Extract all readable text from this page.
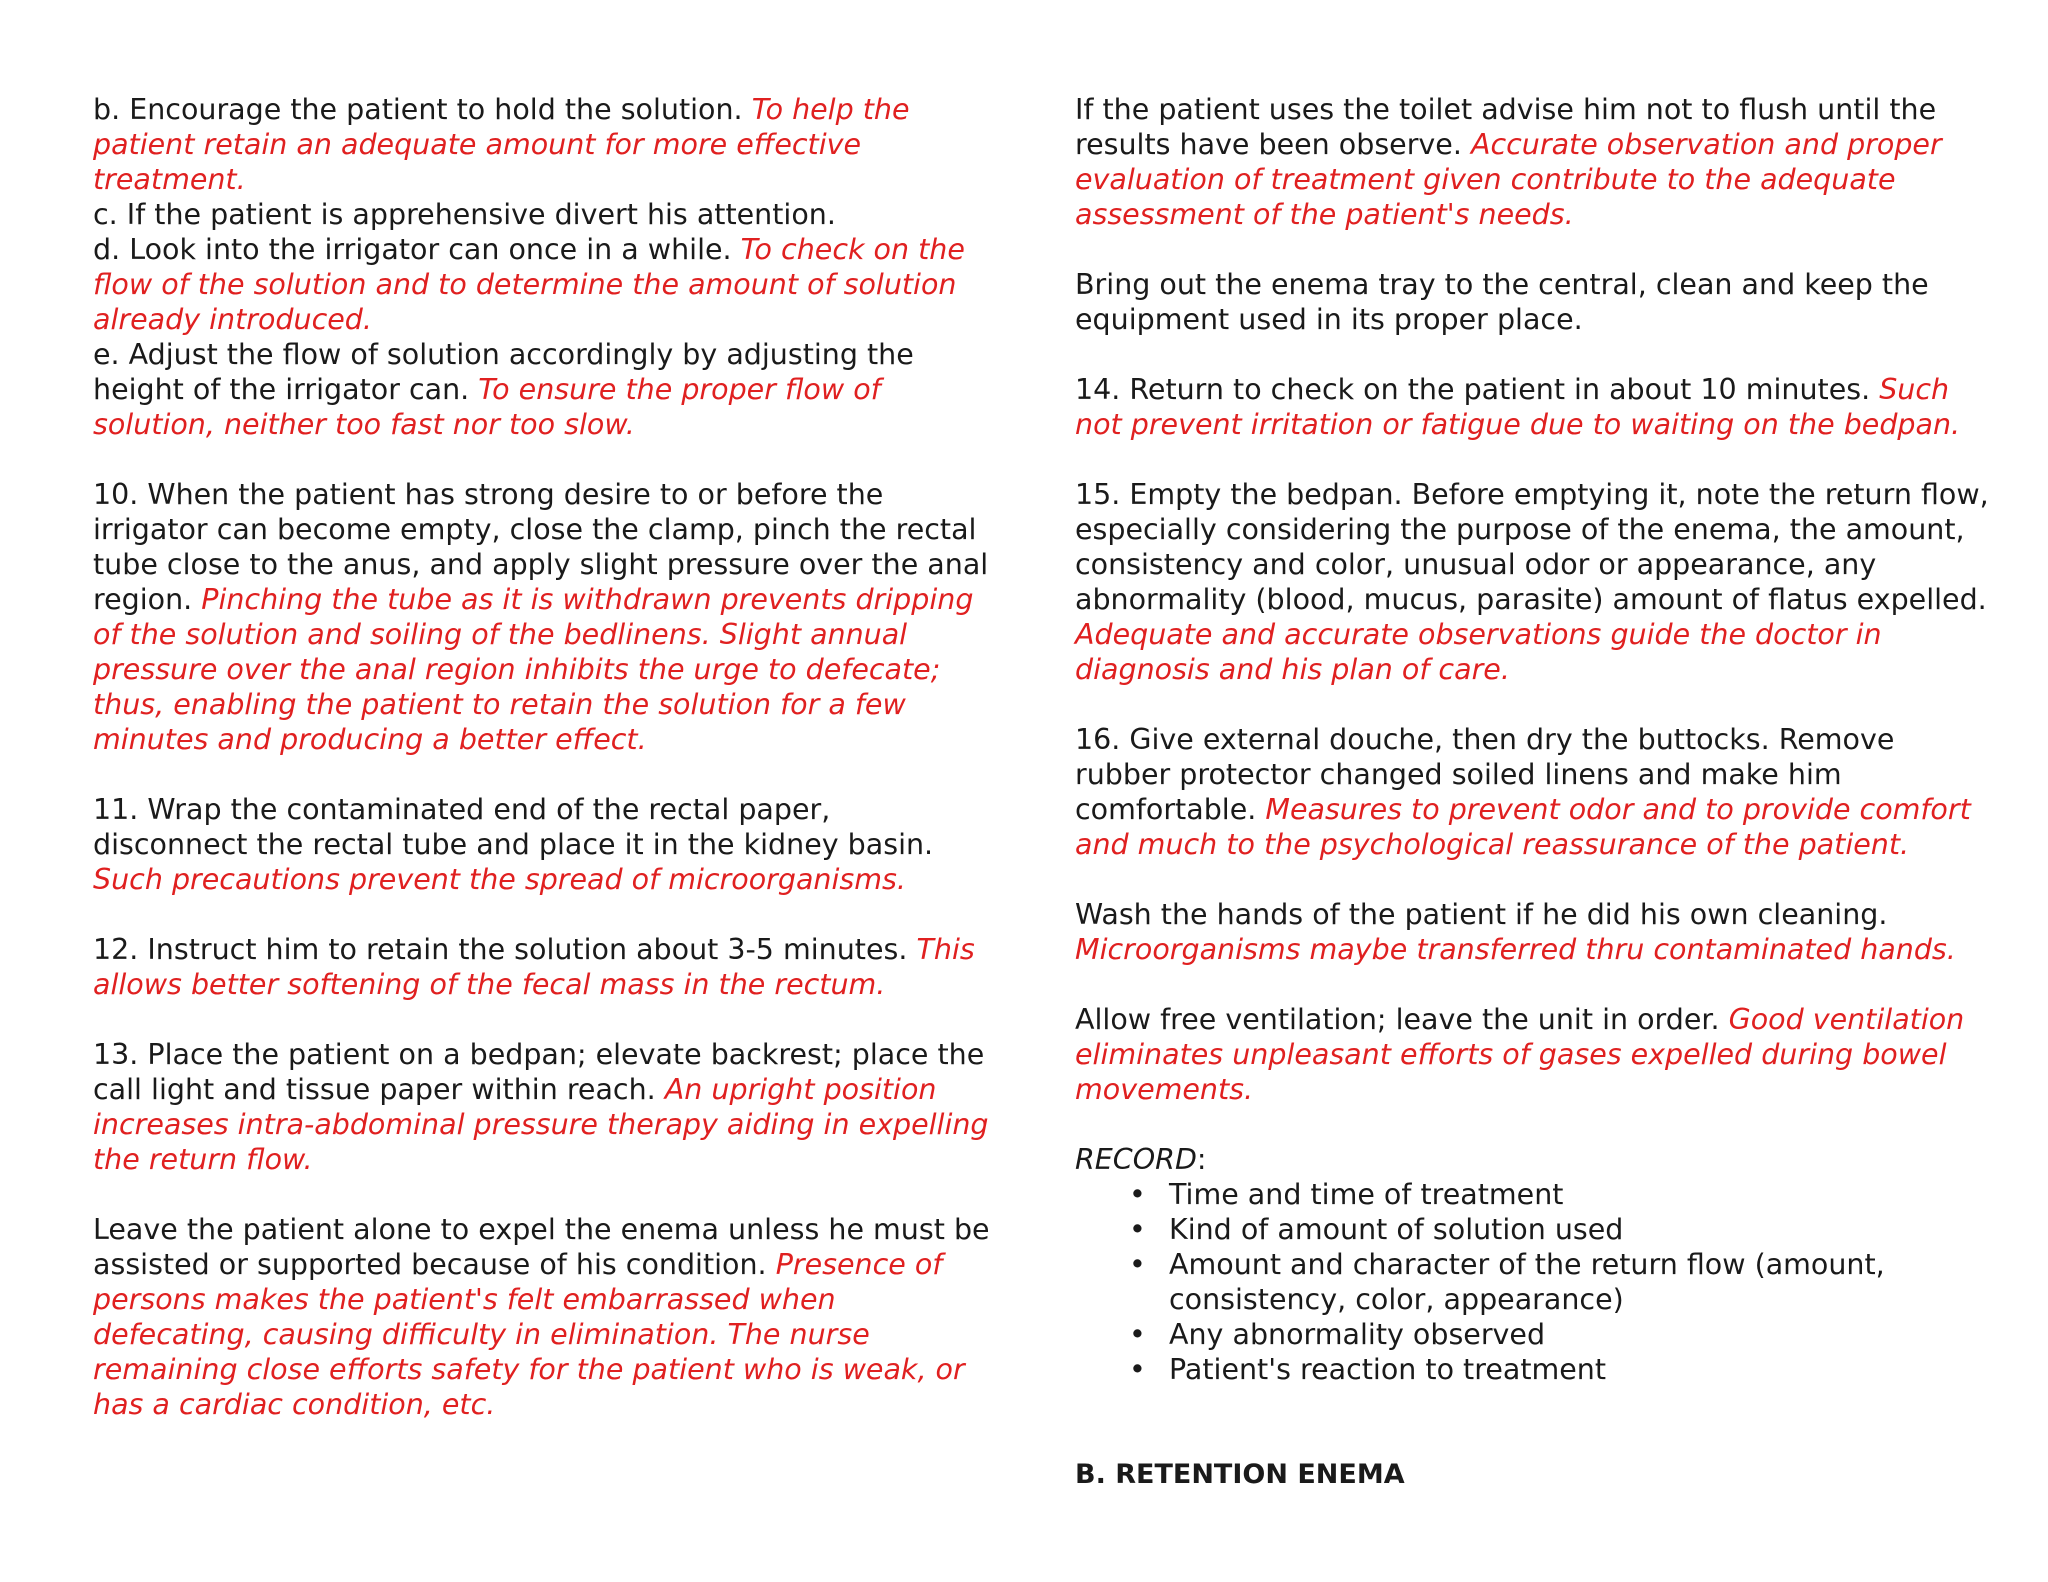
b. Encourage the patient to hold the solution. To help the patient retain an adequate amount for more effective treatment.

c. If the patient is apprehensive divert his attention.

d. Look into the irrigator can once in a while. To check on the flow of the solution and to determine the amount of solution already introduced.

e. Adjust the flow of solution accordingly by adjusting the height of the irrigator can. To ensure the proper flow of solution, neither too fast nor too slow.

10. When the patient has strong desire to or before the irrigator can become empty, close the clamp, pinch the rectal tube close to the anus, and apply slight pressure over the anal region. Pinching the tube as it is withdrawn prevents dripping of the solution and soiling of the bedlinens. Slight annual pressure over the anal region inhibits the urge to defecate; thus, enabling the patient to retain the solution for a few minutes and producing a better effect.

11. Wrap the contaminated end of the rectal paper, disconnect the rectal tube and place it in the kidney basin. Such precautions prevent the spread of microorganisms.

12. Instruct him to retain the solution about 3-5 minutes. This allows better softening of the fecal mass in the rectum.

13. Place the patient on a bedpan; elevate backrest; place the call light and tissue paper within reach. An upright position increases intra-abdominal pressure therapy aiding in expelling the return flow.

Leave the patient alone to expel the enema unless he must be assisted or supported because of his condition. Presence of persons makes the patient's felt embarrassed when defecating, causing difficulty in elimination. The nurse remaining close efforts safety for the patient who is weak, or has a cardiac condition, etc.

If the patient uses the toilet advise him not to flush until the results have been observe. Accurate observation and proper evaluation of treatment given contribute to the adequate assessment of the patient's needs.

Bring out the enema tray to the central, clean and keep the equipment used in its proper place.

14. Return to check on the patient in about 10 minutes. Such not prevent irritation or fatigue due to waiting on the bedpan.

15. Empty the bedpan. Before emptying it, note the return flow, especially considering the purpose of the enema, the amount, consistency and color, unusual odor or appearance, any abnormality (blood, mucus, parasite) amount of flatus expelled. Adequate and accurate observations guide the doctor in diagnosis and his plan of care.

16. Give external douche, then dry the buttocks. Remove rubber protector changed soiled linens and make him comfortable. Measures to prevent odor and to provide comfort and much to the psychological reassurance of the patient.

Wash the hands of the patient if he did his own cleaning. Microorganisms maybe transferred thru contaminated hands.

Allow free ventilation; leave the unit in order. Good ventilation eliminates unpleasant efforts of gases expelled during bowel movements.

RECORD:

• Time and time of treatment
• Kind of amount of solution used
• Amount and character of the return flow (amount, consistency, color, appearance)
• Any abnormality observed
• Patient's reaction to treatment
B. RETENTION ENEMA
